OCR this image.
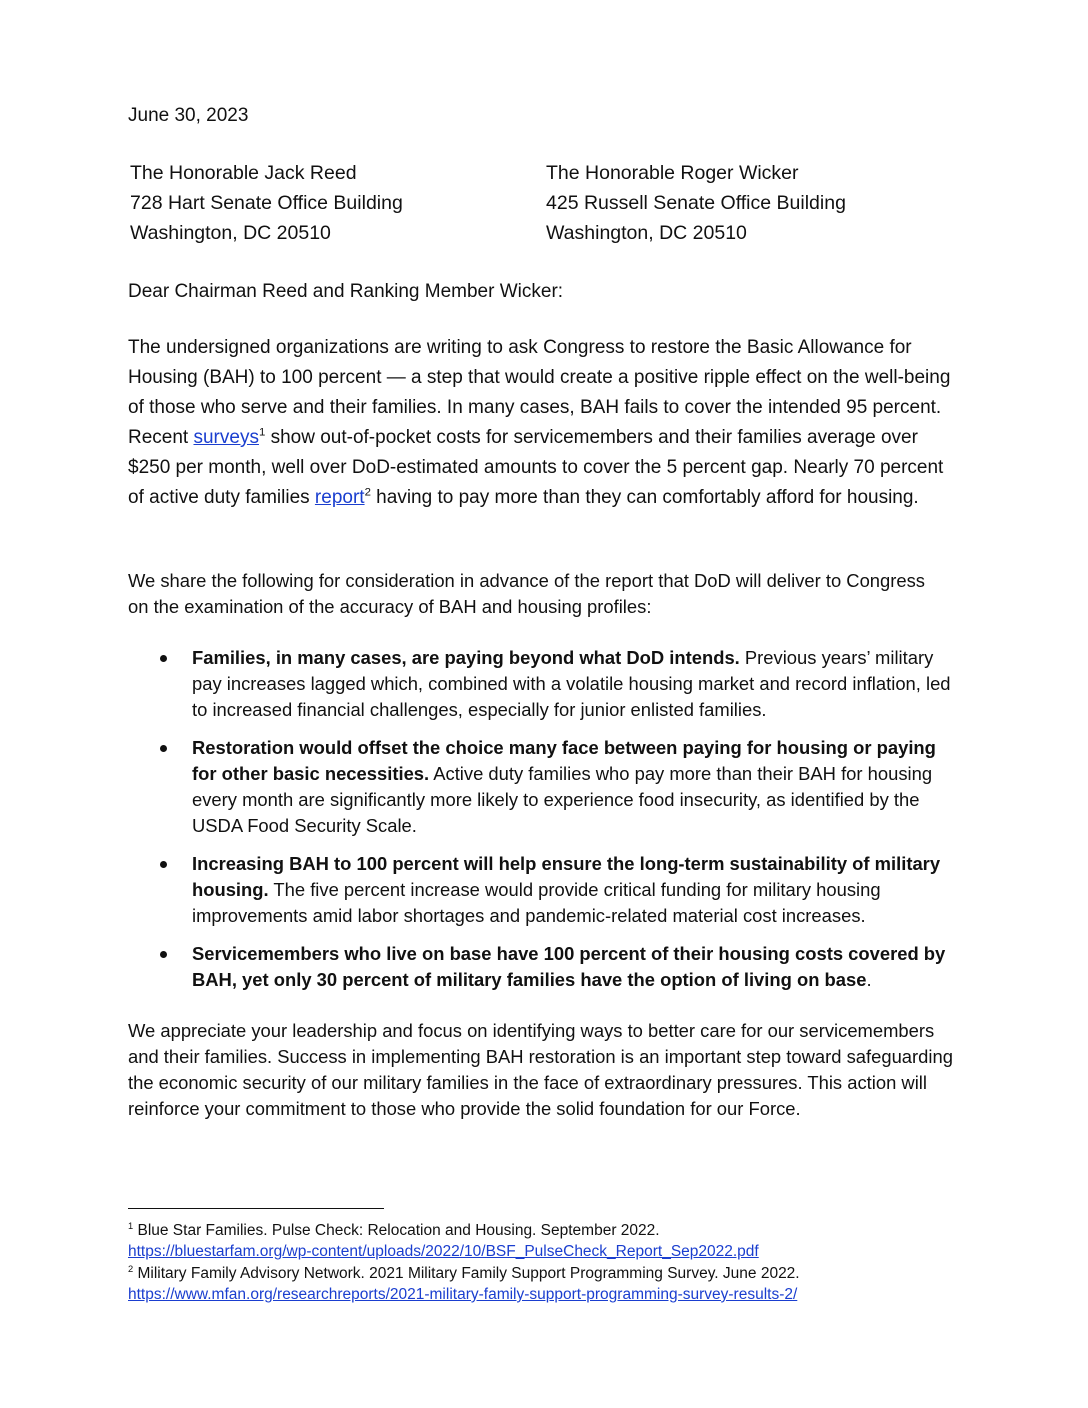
June 30, 2023
The Honorable Jack Reed
728 Hart Senate Office Building
Washington, DC 20510
The Honorable Roger Wicker
425 Russell Senate Office Building
Washington, DC 20510
Dear Chairman Reed and Ranking Member Wicker:

The undersigned organizations are writing to ask Congress to restore the Basic Allowance for Housing (BAH) to 100 percent — a step that would create a positive ripple effect on the well-being of those who serve and their families. In many cases, BAH fails to cover the intended 95 percent. Recent surveys$^1$ show out-of-pocket costs for servicemembers and their families average over $250 per month, well over DoD-estimated amounts to cover the 5 percent gap. Nearly 70 percent of active duty families report$^2$ having to pay more than they can comfortably afford for housing.

We share the following for consideration in advance of the report that DoD will deliver to Congress on the examination of the accuracy of BAH and housing profiles:

Families, in many cases, are paying beyond what DoD intends. Previous years’ military pay increases lagged which, combined with a volatile housing market and record inflation, led to increased financial challenges, especially for junior enlisted families.
Restoration would offset the choice many face between paying for housing or paying for other basic necessities. Active duty families who pay more than their BAH for housing every month are significantly more likely to experience food insecurity, as identified by the USDA Food Security Scale.
Increasing BAH to 100 percent will help ensure the long-term sustainability of military housing. The five percent increase would provide critical funding for military housing improvements amid labor shortages and pandemic-related material cost increases.
Servicemembers who live on base have 100 percent of their housing costs covered by BAH, yet only 30 percent of military families have the option of living on base.

We appreciate your leadership and focus on identifying ways to better care for our servicemembers and their families. Success in implementing BAH restoration is an important step toward safeguarding the economic security of our military families in the face of extraordinary pressures. This action will reinforce your commitment to those who provide the solid foundation for our Force.

$^1$ Blue Star Families. Pulse Check: Relocation and Housing. September 2022.
https://bluestarfam.org/wp-content/uploads/2022/10/BSF_PulseCheck_Report_Sep2022.pdf
$^2$ Military Family Advisory Network. 2021 Military Family Support Programming Survey. June 2022.
https://www.mfan.org/researchreports/2021-military-family-support-programming-survey-results-2/
